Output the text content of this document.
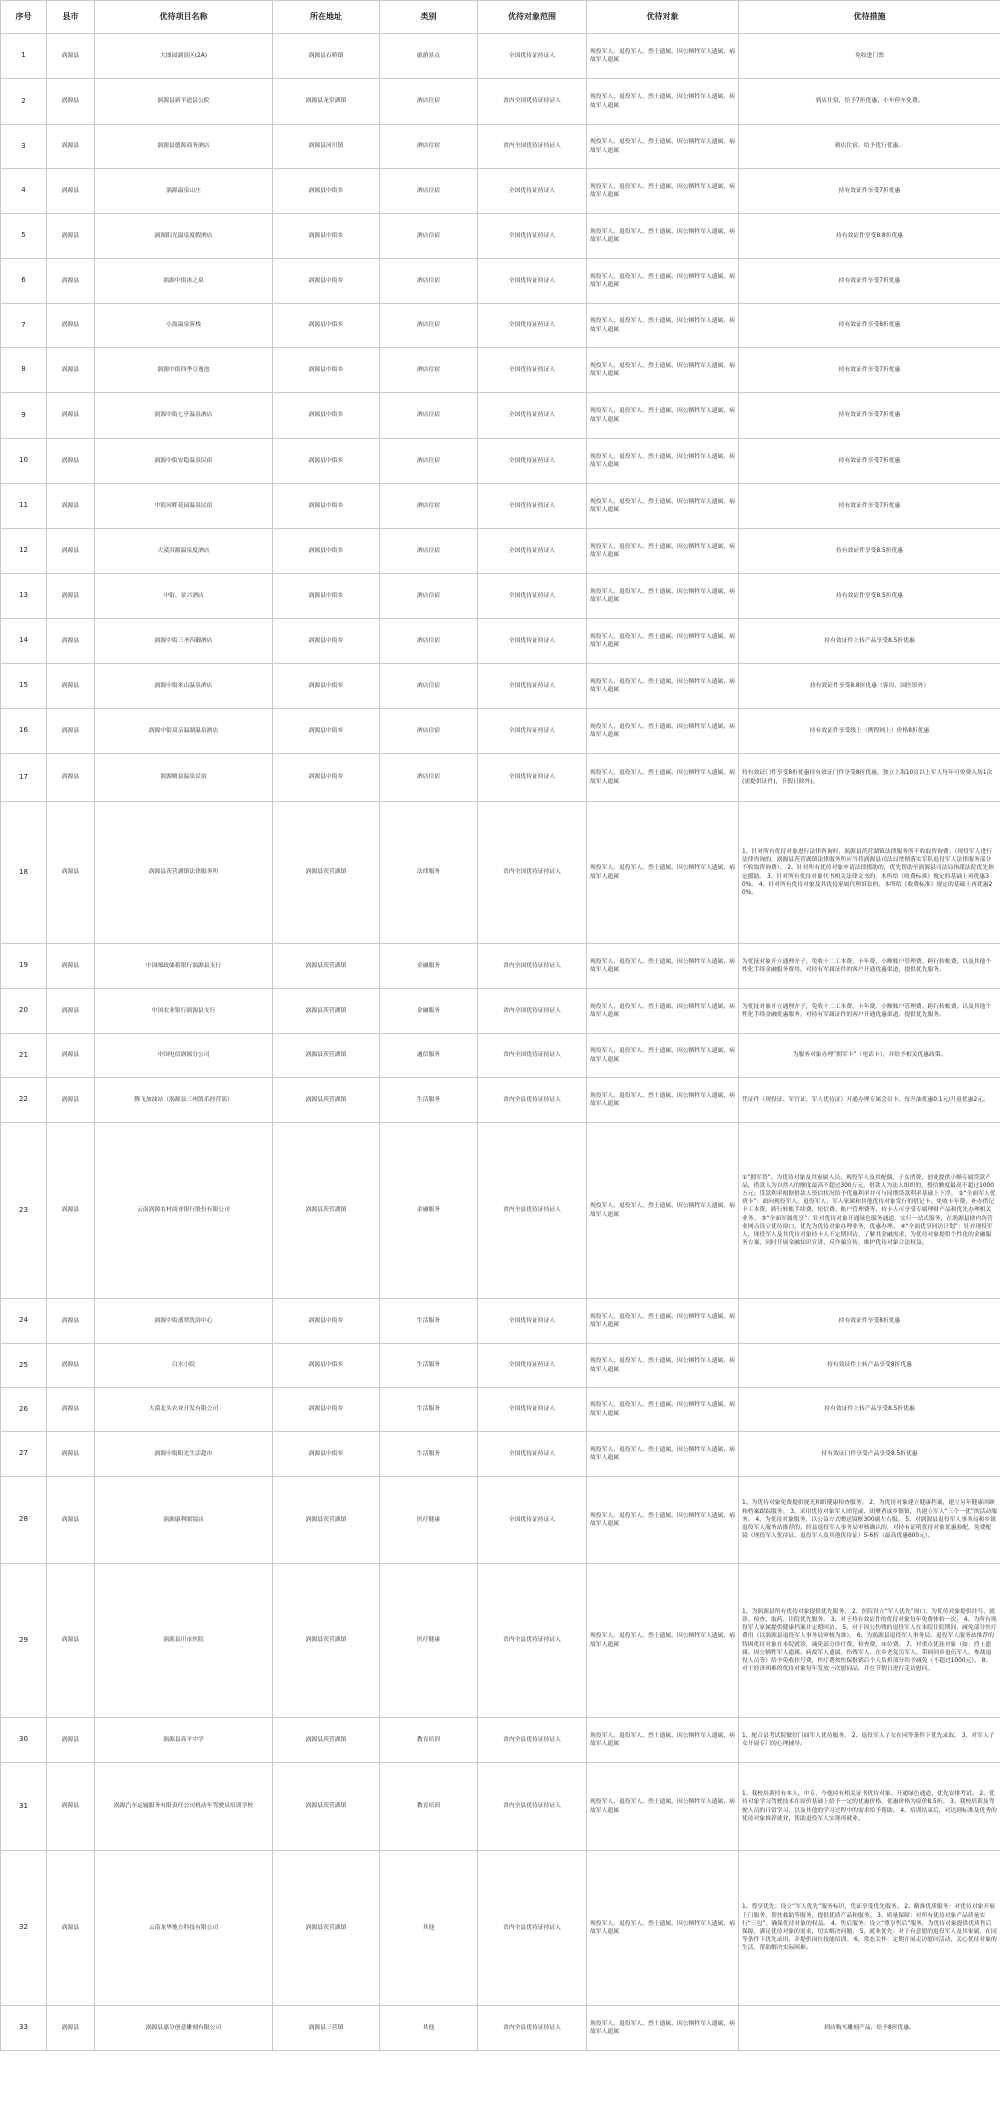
序号	县市	优待项目名称	所在地址	类别	优待对象范围	优待对象	优待措施
1	涡源县	大图园湖景区(2A)	涡源县石桥镇	旅游景点	全国优待证持证人	现役军人、退役军人、烈士遗属、因公牺牲军人遗属、病故军人遗属	免收进门票
2	涡源县	涡源县新平道县公院	涡源县龙堂湖镇	酒店住宿	省内全国优待证持证人	现役军人、退役军人、烈士遗属、因公牺牲军人遗属、病故军人遗属	到店住宿，给予7折优惠，小车停车免费。
3	涡源县	涡源县德源商务酒店	涡源县河川镇	酒店住宿	省内全国优待证持证人	现役军人、退役军人、烈士遗属、因公牺牲军人遗属、病故军人遗属	到店住宿，给予优行优惠。
4	涡源县	涡源温泉山庄	涡源县中街乡	酒店住宿	全国优待证持证人	现役军人、退役军人、烈士遗属、因公牺牲军人遗属、病故军人遗属	持有效证件享受7折优惠
5	涡源县	涡源阳光温泉度假酒店	涡源县中街乡	酒店住宿	全国优待证持证人	现役军人、退役军人、烈士遗属、因公牺牲军人遗属、病故军人遗属	持有效证件享受8.8折优惠
6	涡源县	涡源中街冰之泉	涡源县中街乡	酒店住宿	全国优待证持证人	现役军人、退役军人、烈士遗属、因公牺牲军人遗属、病故军人遗属	持有效证件享受7折优惠
7	涡源县	小汲温泉客栈	涡源县中街乡	酒店住宿	全国优待证持证人	现役军人、退役军人、烈士遗属、因公牺牲军人遗属、病故军人遗属	持有效证件享受8折优惠
8	涡源县	涡源中街四季豆逸泡	涡源县中街乡	酒店住宿	全国优待证持证人	现役军人、退役军人、烈士遗属、因公牺牲军人遗属、病故军人遗属	持有效证件享受7折优惠
9	涡源县	涡源中街七亭温泉酒店	涡源县中街乡	酒店住宿	全国优待证持证人	现役军人、退役军人、烈士遗属、因公牺牲军人遗属、病故军人遗属	持有效证件享受7折优惠
10	涡源县	涡源中街安隐温泉民宿	涡源县中街乡	酒店住宿	全国优待证持证人	现役军人、退役军人、烈士遗属、因公牺牲军人遗属、病故军人遗属	持有效证件享受7折优惠
11	涡源县	中街河畔花园温泉民宿	涡源县中街乡	酒店住宿	全国优待证持证人	现役军人、退役军人、烈士遗属、因公牺牲军人遗属、病故军人遗属	持有效证件享受7折优惠
12	涡源县	大漠洱源温泉度酒店	涡源县中街乡	酒店住宿	全国优待证持证人	现役军人、退役军人、烈士遗属、因公牺牲军人遗属、病故军人遗属	持有效证件享受8.5折优惠
13	涡源县	中街、景兴酒店	涡源县中街乡	酒店住宿	全国优待证持证人	现役军人、退役军人、烈士遗属、因公牺牲军人遗属、病故军人遗属	持有效证件享受8.5折优惠
14	涡源县	涡源中街三圣四御酒店	涡源县中街乡	酒店住宿	全国优待证持证人	现役军人、退役军人、烈士遗属、因公牺牲军人遗属、病故军人遗属	持有效证件上转产品享受8.5折优惠
15	涡源县	涡源中街米山温泉酒店	涡源县中街乡	酒店住宿	全国优待证持证人	现役军人、退役军人、烈士遗属、因公牺牲军人遗属、病故军人遗属	持有效证件享受8.8折优惠（客房、国医馆外）
16	涡源县	涡源中街双亲温湖温泉酒店	涡源县中街乡	酒店住宿	全国优待证持证人	现役军人、退役军人、烈士遗属、因公牺牲军人遗属、病故军人遗属	持有效证件享受线上（携程网上）价格8折优惠
17	涡源县	涡源殿县温泉民宿	涡源县中街乡	酒店住宿	全国优待证持证人	现役军人、退役军人、烈士遗属、因公牺牲军人遗属、病故军人遗属	持有效证门件享受8折优惠持有效证门件享受8折优惠，独立上海10页以上军人每年可免费入场1次(需提供证件)，节假日除外)。
18	涡源县	涡源县茨营湖镇法律服务所	涡源县茨营湖镇	法律服务	省内全国优待证持证人	现役军人、退役军人、烈士遗属、因公牺牲军人遗属、病故军人遗属	1、针对所有优待对象进行法律咨询时，涡源县茨营湖镇法律服务所不收取咨询费；（现役军人进行法律咨询的，涡源县茨营湖镇法律服务所应当将涡源县司法局贯彻落实军队退役军人法律服务部分不收取咨询费）。 2、针对所有优待对象申请法律援助的，优先帮助至涡源县司法局指派法院优先指定援助。 3、针对所有优待对象代书相关法律文书的，本所给《收费标准》规定的基础上再优惠30%。 4、针对所有优待对象及其优待家属代理诉讼的，本所给《收费标准》规定的基础上再优惠20%。
19	涡源县	中国邮政储蓄银行涡源县支行	涡源县茨营湖镇	金融服务	省内全国优待证持证人	现役军人、退役军人、烈士遗属、因公牺牲军人遗属、病故军人遗属	为优抚对象开立通理介子，免收十二工本费、卡年费、小额账户管理费、跨行转帐费，以及其他个性化手续金融服务费用。对持有军属证件的客户开通优惠渠道，提供优先服务。
20	涡源县	中国农业银行涡源县支行	涡源县茨营湖镇	金融服务	省内全国优待证持证人	现役军人、退役军人、烈士遗属、因公牺牲军人遗属、病故军人遗属	为优抚对象开立通理介子，免收十二工本费、卡年费、小额账户管理费、跨行转帐费，以及其他个性化手续金融优惠服务。对持有军属证件的客户开通优惠渠道，提供优先服务。
21	涡源县	中国电信涡源分公司	涡源县茨营湖镇	通信服务	省内全国优待证持证人	现役军人、退役军人、烈士遗属、因公牺牲军人遗属、病故军人遗属	为服务对象办理“拥军卡”（电话卡），并给予相关优惠政策。
22	涡源县	腾飞加油站（涡源县三州凯乐经营部）	涡源县茨营湖镇	生活服务	省内全县优待证持证人	现役军人、退役军人、烈士遗属、因公牺牲军人遗属、病故军人遗属	凭证件（现役证、军官证、军人优待证）开通办理专属会员卡、每升油优惠0.1元/升返优惠2元。
23	涡源县	云南涡源农村商业银行股份有限公司	涡源县茨营湖镇	金融服务	省内全县优待证持证人	现役军人、退役军人、烈士遗属、因公牺牲军人遗属、病故军人遗属	①“拥军贷”。为优待对象及其家属人员、现役军人及其配偶、子女消费、创业提供小额专属贷款产品，借款人为自然人的额度最高不超过300万元，借款人为法人组织的，授信额度最高不超过1000万元；贷款利率根据借款人资信状况给予优惠利率并可与同期贷款利率基础上下浮。 ②“全面军人优质卡”：面向现役军人、退役军人、军人家属和其他优待对象发行的借记卡，免收卡年费、补办借记卡工本费、跨行转账手续费、短信费、账户管理费等，持卡人可享受专属理财产品和优先办理相关业务。 ③“全面军属优享”：针对优待对象开通绿色服务通道，实行一站式服务，在涡源县辖内各营业网点设立优待窗口，优先为优待对象办理业务，优惠办理。 ④“全面优享回访计划”：针对现役军人、现役军人及其优待对象持卡人不定期回访，了解其金融需求，为优待对象提供个性化的金融服务方案，同时开展金融知识宣讲、反诈骗宣传，维护优待对象合法权益。
24	涡源县	涡源中街翡翠洗浴中心	涡源县中街乡	生活服务	全国优待证持证人	现役军人、退役军人、烈士遗属、因公牺牲军人遗属、病故军人遗属	持有效证件享受8折优惠
25	涡源县	白水小院	涡源县中街乡	生活服务	全国优待证持证人	现役军人、退役军人、烈士遗属、因公牺牲军人遗属、病故军人遗属	持有效证件上转产品享受8折优惠
26	涡源县	大漠北头农业开发有限公司	涡源县中街乡	生活服务	全国优待证持证人	现役军人、退役军人、烈士遗属、因公牺牲军人遗属、病故军人遗属	持有效证件上转产品享受8.5折优惠
27	涡源县	涡源中街阳光生活超市	涡源县中街乡	生活服务	全国优待证持证人	现役军人、退役军人、烈士遗属、因公牺牲军人遗属、病故军人遗属	持有效证门件享受产品享受8.5折优惠
28	涡源县	涡源康利眼镜店	涡源县茨营湖镇	医疗健康	全国优待证持证人	现役军人、退役军人、烈士遗属、因公牺牲军人遗属、病故军人遗属	1、为优待对象免费提供视光和眼健康检查服务。 2、为优待对象建立健康档案，建立另年健康回顾和档案跟踪服务。 3、采用优待对象军人团党或、团聚者或乡镇镇，共建立军人“三个一优”的活动服务。 4、为优待对象服务，以公益方式赠送镜框300副左右服。 5、对涡源县退役军人事务局和乡镇退役军人服务站推荐的，经县退役军人事务局审核确认的，对持有证明优待对象优惠验配，免费配镜（现役军人优待证、退役军人及其他优待证）5-6折（最高优惠600元）。
29	涡源县	涡源县川市医院	涡源县茨营湖镇	医疗健康	省内全县优待证持证人	现役军人、退役军人、烈士遗属、因公牺牲军人遗属、病故军人遗属	1、为涡源县所有优待对象提供优先服务。 2、医院设立“军人优先”窗口，为优待对象提供挂号、就诊、检查、取药、住院优先服务。 3、对于持有效证件的优待对象每年免费体检一次。 4、为所有现役军人家属提供健康档案并定期回访。 5、对于因公伤残的退役军人在本院住院期间，减免部分医疗费用（以涡源县退役军人事务局审核为准）。 6、为涡源县退役军人事务局、退役军人服务站推荐的特困优待对象在本院就诊，减免部分诊疗费、检查费、床位费。 7、对重点优抚对象（如：烈士遗属、因公牺牲军人遗属、病故军人遗属、伤残军人、在乡老复员军人、带病回乡退伍军人、参战退役人员等）给予免收挂号费，医疗费按医保报销后个人负担部分给予减免（不超过1000元）。 8、对于经济困难的优待对象每年发放一次慰问品，并在节假日进行走访慰问。
30	涡源县	涡源县高平中学	涡源县茨营湖镇	教育培训	省内全县优待证持证人	现役军人、退役军人、烈士遗属、因公牺牲军人遗属、病故军人遗属	1、配合县考试院做好门面军人优待服务。 2、退役军人子女在同等条件下优先录取。 3、对军人子女开展专门的心理辅导。
31	涡源县	涡源汽车运输服务有限责任公司机动车驾驶员培训学校	涡源县茨营湖镇	教育培训	省内全县优待证持证人	现役军人、退役军人、烈士遗属、因公牺牲军人遗属、病故军人遗属	1、我校培训持有本人、中专、今他持有相关证书优待对象、开通绿色通道，优先安排考试。 2、优待对象学习驾驶技术在原价基础上给予一定的优惠价格，优惠价格为原价8.5折。 3、我校培训及驾驶人员的日常学习，以及其他的学习过程中的需求给予帮助。 4、培训结束后，对达到标准及优秀的优待对象推荐就业，帮助退役军人实现再就业。
32	涡源县	云南龙华地方科技有限公司	涡源县茨营湖镇	其他	省内全县优待证持证人	现役军人、退役军人、烈士遗属、因公牺牲军人遗属、病故军人遗属	1、尊享优先：设立“军人优先”服务标识，凭证享受优先服务。 2、精准优质服务：对优待对象开展上门服务、帮扶救助等服务，提供优质产品和服务。 3、质量保障：对所有优待对象产品质量实行“三包”，确保优待对象的权益。 4、售后服务：设立“尊享售后”服务，为优待对象提供优质售后保障，满足优待对象的需求，切实解决问题。 5、就业优先：对于有意愿的退役军人及其家属，在同等条件下优先录用，并提供岗位技能培训。 6、常态关怀：定期开展走访慰问活动，关心优待对象的生活，帮助解决实际困难。
33	涡源县	涡源县嘉分创意雕刻有限公司	涡源县三营镇	其他	省内全县优待证持证人	现役军人、退役军人、烈士遗属、因公牺牲军人遗属、病故军人遗属	到店购买雕刻产品，给予8折优惠。
